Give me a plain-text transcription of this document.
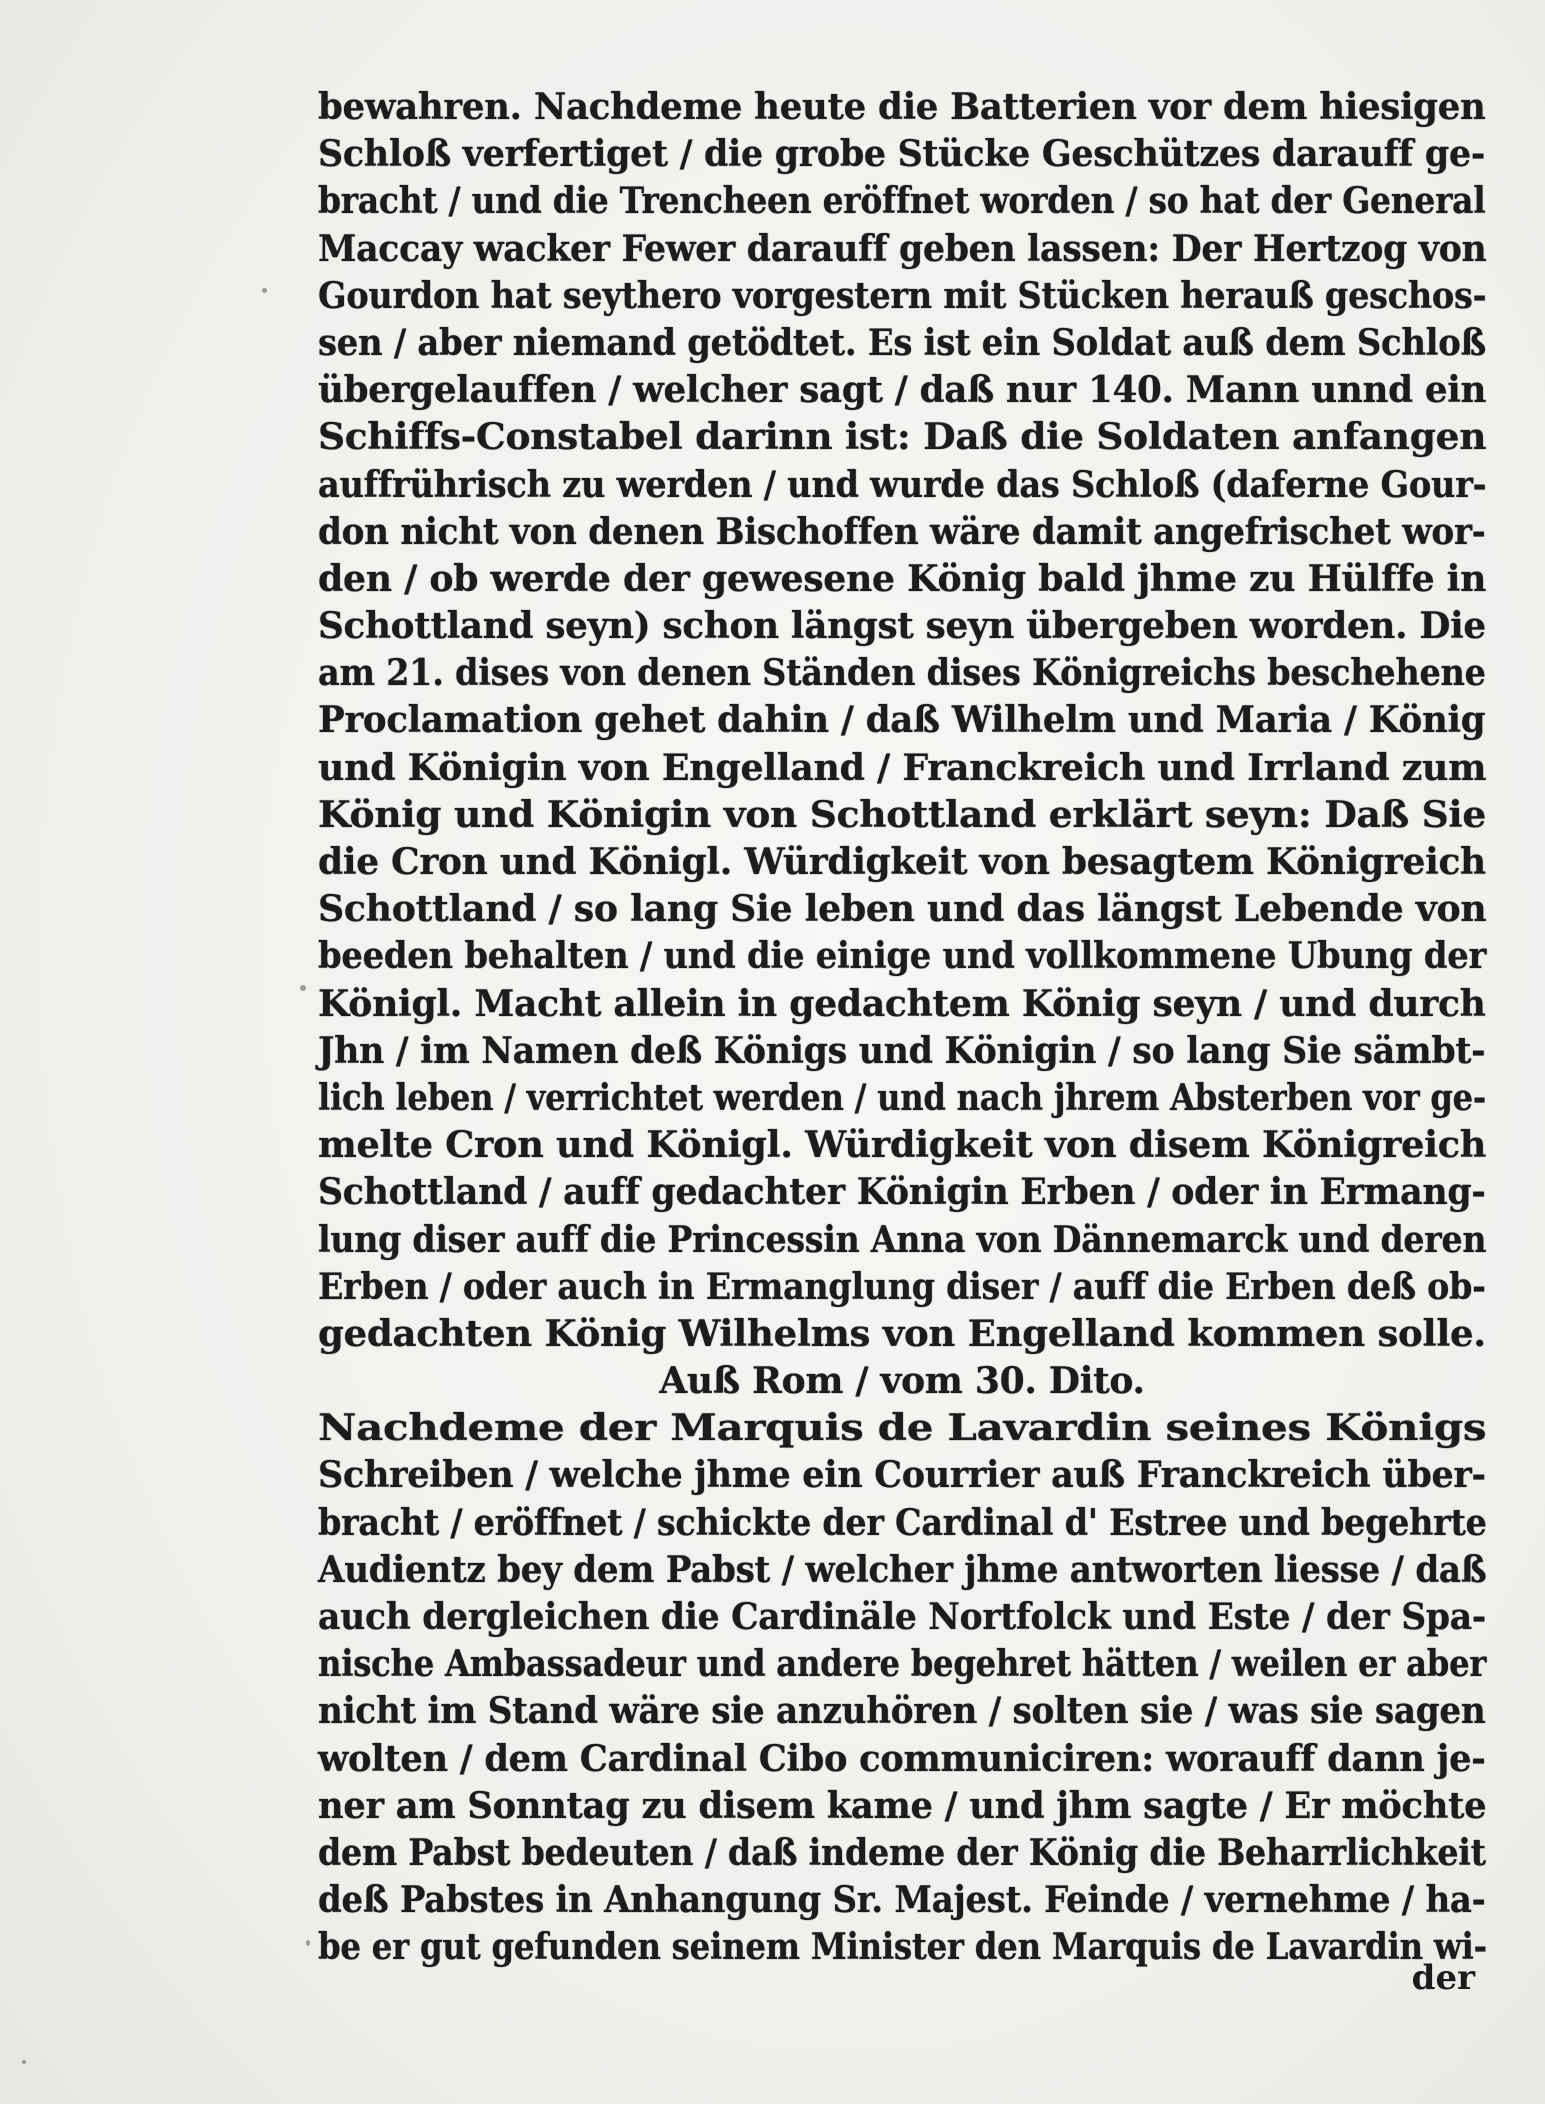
bewahren. Nachdeme heute die Batterien vor dem hiesigen
Schloß verfertiget / die grobe Stücke Geschützes darauff ge-
bracht / und die Trencheen eröffnet worden / so hat der General
Maccay wacker Fewer darauff geben lassen: Der Hertzog von
Gourdon hat seythero vorgestern mit Stücken herauß geschos-
sen / aber niemand getödtet. Es ist ein Soldat auß dem Schloß
übergelauffen / welcher sagt / daß nur 140. Mann unnd ein
Schiffs-Constabel darinn ist: Daß die Soldaten anfangen
auffrührisch zu werden / und wurde das Schloß (daferne Gour-
don nicht von denen Bischoffen wäre damit angefrischet wor-
den / ob werde der gewesene König bald jhme zu Hülffe in
Schottland seyn) schon längst seyn übergeben worden. Die
am 21. dises von denen Ständen dises Königreichs beschehene
Proclamation gehet dahin / daß Wilhelm und Maria / König
und Königin von Engelland / Franckreich und Irrland zum
König und Königin von Schottland erklärt seyn: Daß Sie
die Cron und Königl. Würdigkeit von besagtem Königreich
Schottland / so lang Sie leben und das längst Lebende von
beeden behalten / und die einige und vollkommene Ubung der
Königl. Macht allein in gedachtem König seyn / und durch
Jhn / im Namen deß Königs und Königin / so lang Sie sämbt-
lich leben / verrichtet werden / und nach jhrem Absterben vor ge-
melte Cron und Königl. Würdigkeit von disem Königreich
Schottland / auff gedachter Königin Erben / oder in Ermang-
lung diser auff die Princessin Anna von Dännemarck und deren
Erben / oder auch in Ermanglung diser / auff die Erben deß ob-
gedachten König Wilhelms von Engelland kommen solle.
Auß Rom / vom 30. Dito.
Nachdeme der Marquis de Lavardin seines Königs
Schreiben / welche jhme ein Courrier auß Franckreich über-
bracht / eröffnet / schickte der Cardinal d' Estree und begehrte
Audientz bey dem Pabst / welcher jhme antworten liesse / daß
auch dergleichen die Cardinäle Nortfolck und Este / der Spa-
nische Ambassadeur und andere begehret hätten / weilen er aber
nicht im Stand wäre sie anzuhören / solten sie / was sie sagen
wolten / dem Cardinal Cibo communiciren: worauff dann je-
ner am Sonntag zu disem kame / und jhm sagte / Er möchte
dem Pabst bedeuten / daß indeme der König die Beharrlichkeit
deß Pabstes in Anhangung Sr. Majest. Feinde / vernehme / ha-
be er gut gefunden seinem Minister den Marquis de Lavardin wi-
der
